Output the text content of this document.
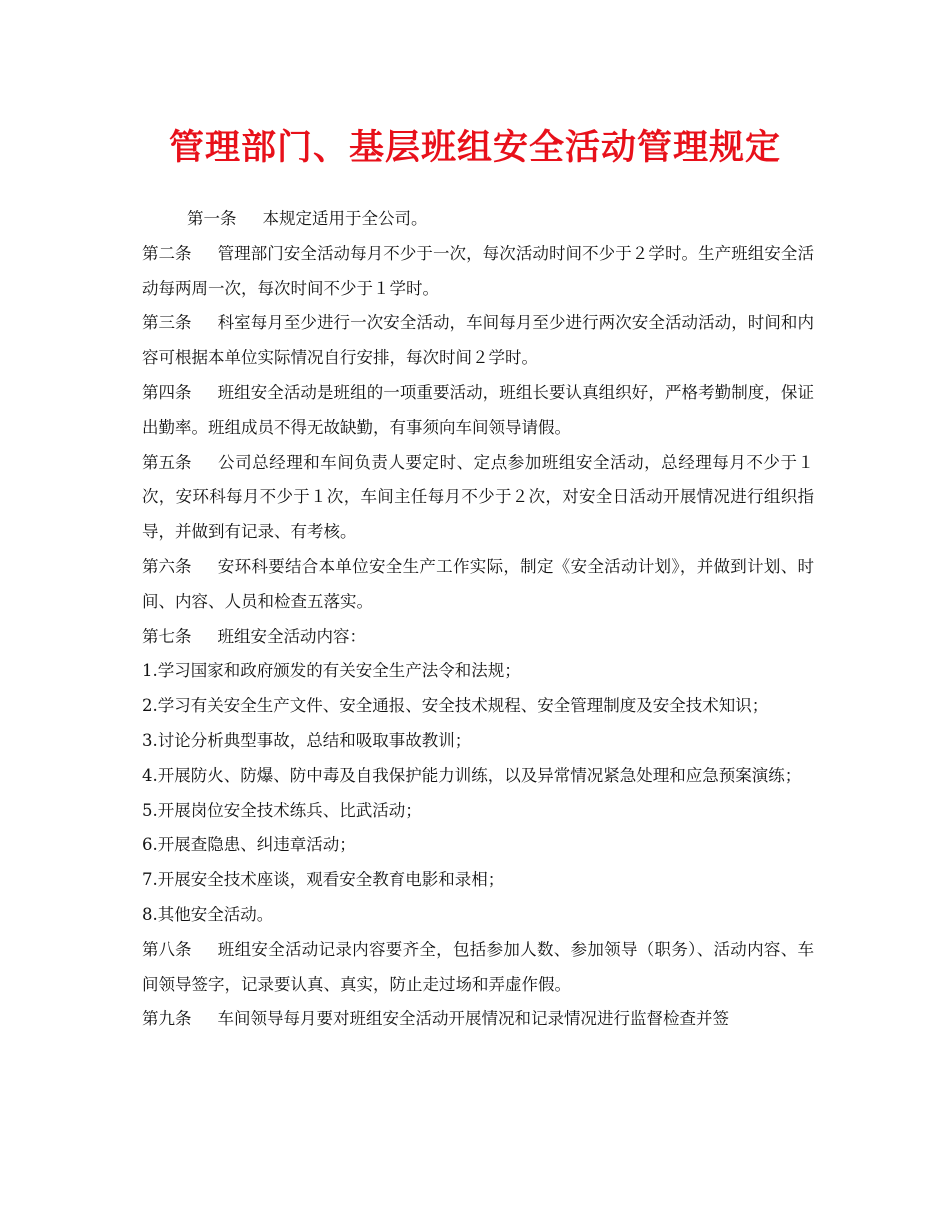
管理部门、基层班组安全活动管理规定

第一条 本规定适用于全公司。

第二条 管理部门安全活动每月不少于一次，每次活动时间不少于２学时。生产班组安全活动每两周一次，每次时间不少于１学时。

第三条 科室每月至少进行一次安全活动，车间每月至少进行两次安全活动活动，时间和内容可根据本单位实际情况自行安排，每次时间２学时。

第四条 班组安全活动是班组的一项重要活动，班组长要认真组织好，严格考勤制度，保证出勤率。班组成员不得无故缺勤，有事须向车间领导请假。

第五条 公司总经理和车间负责人要定时、定点参加班组安全活动，总经理每月不少于１次，安环科每月不少于１次，车间主任每月不少于２次，对安全日活动开展情况进行组织指导，并做到有记录、有考核。

第六条 安环科要结合本单位安全生产工作实际，制定《安全活动计划》，并做到计划、时间、内容、人员和检查五落实。

第七条 班组安全活动内容：

1.学习国家和政府颁发的有关安全生产法令和法规；

2.学习有关安全生产文件、安全通报、安全技术规程、安全管理制度及安全技术知识；

3.讨论分析典型事故，总结和吸取事故教训；

4.开展防火、防爆、防中毒及自我保护能力训练，以及异常情况紧急处理和应急预案演练；

5.开展岗位安全技术练兵、比武活动；

6.开展查隐患、纠违章活动；

7.开展安全技术座谈，观看安全教育电影和录相；

8.其他安全活动。

第八条 班组安全活动记录内容要齐全，包括参加人数、参加领导（职务）、活动内容、车间领导签字，记录要认真、真实，防止走过场和弄虚作假。

第九条 车间领导每月要对班组安全活动开展情况和记录情况进行监督检查并签
